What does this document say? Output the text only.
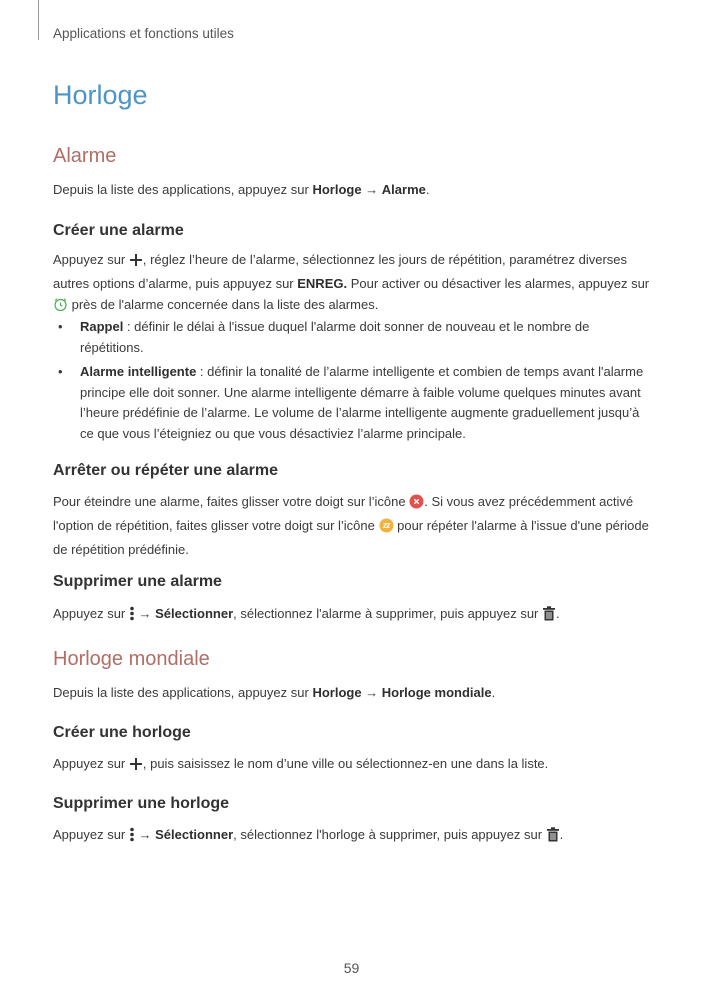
Applications et fonctions utiles
Horloge
Alarme

Depuis la liste des applications, appuyez sur Horloge → Alarme.

Créer une alarme

Appuyez sur , réglez l’heure de l’alarme, sélectionnez les jours de répétition, paramétrez diverses autres options d’alarme, puis appuyez sur ENREG. Pour activer ou désactiver les alarmes, appuyez sur  près de l'alarme concernée dans la liste des alarmes.

•	Rappel : définir le délai à l'issue duquel l'alarme doit sonner de nouveau et le nombre de répétitions.
•	Alarme intelligente : définir la tonalité de l’alarme intelligente et combien de temps avant l'alarme principe elle doit sonner. Une alarme intelligente démarre à faible volume quelques minutes avant l’heure prédéfinie de l’alarme. Le volume de l’alarme intelligente augmente graduellement jusqu’à ce que vous l’éteigniez ou que vous désactiviez l’alarme principale.
Arrêter ou répéter une alarme

Pour éteindre une alarme, faites glisser votre doigt sur l’icône . Si vous avez précédemment activé l'option de répétition, faites glisser votre doigt sur l’icône  pour répéter l'alarme à l'issue d'une période de répétition prédéfinie.

Supprimer une alarme

Appuyez sur  → Sélectionner, sélectionnez l'alarme à supprimer, puis appuyez sur .

Horloge mondiale

Depuis la liste des applications, appuyez sur Horloge → Horloge mondiale.

Créer une horloge

Appuyez sur , puis saisissez le nom d’une ville ou sélectionnez-en une dans la liste.

Supprimer une horloge

Appuyez sur  → Sélectionner, sélectionnez l'horloge à supprimer, puis appuyez sur .

59
